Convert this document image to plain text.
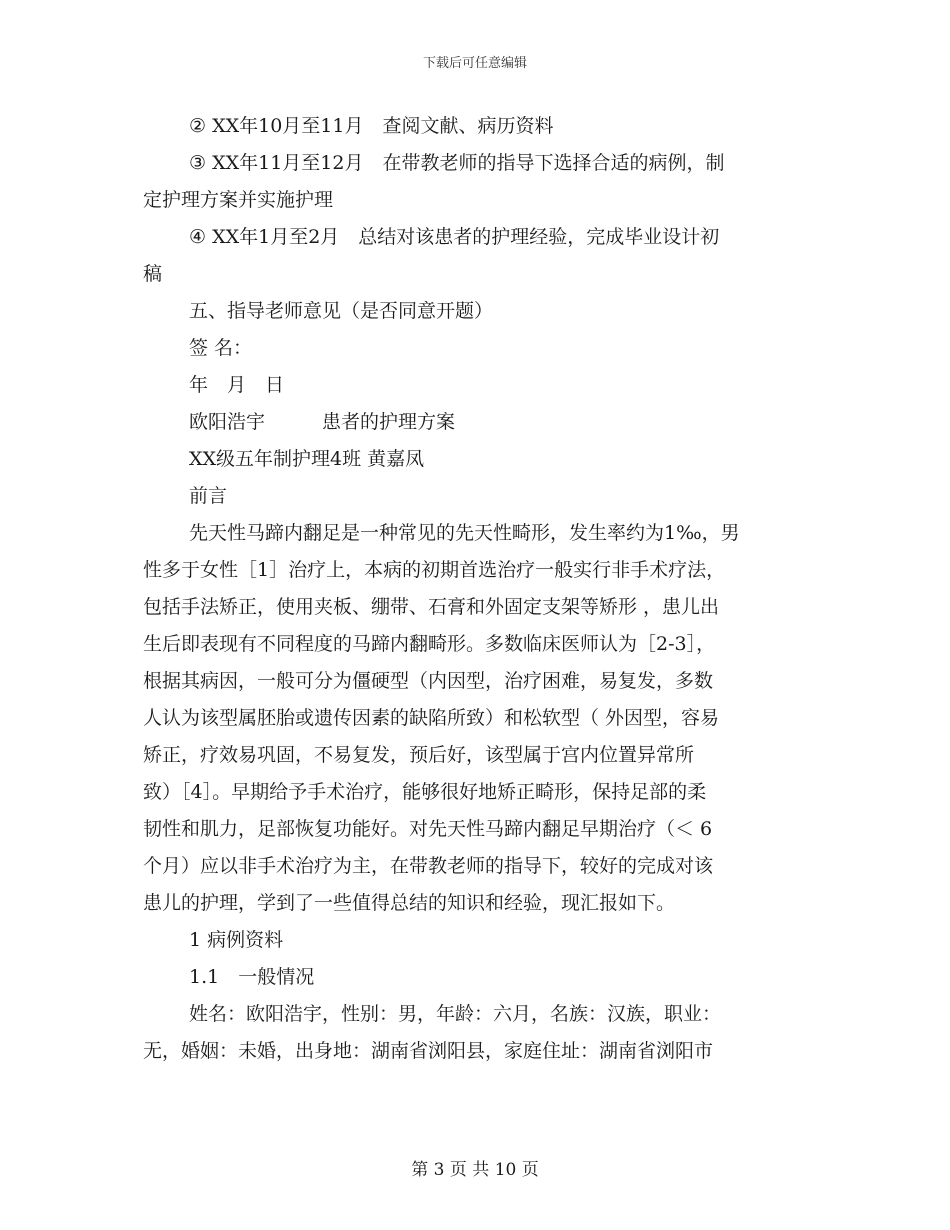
下载后可任意编辑

② XX年10月至11月　查阅文献、病历资料

③ XX年11月至12月　在带教老师的指导下选择合适的病例，制

定护理方案并实施护理

④ XX年1月至2月　总结对该患者的护理经验，完成毕业设计初

稿

五、指导老师意见（是否同意开题）

签 名：

年　月　日

欧阳浩宇　　　患者的护理方案

XX级五年制护理4班 黄嘉凤

前言

先天性马蹄内翻足是一种常见的先天性畸形，发生率约为1‰，男

性多于女性［1］治疗上，本病的初期首选治疗一般实行非手术疗法，

包括手法矫正，使用夹板、绷带、石膏和外固定支架等矫形 ，患儿出

生后即表现有不同程度的马蹄内翻畸形。多数临床医师认为［2-3］，

根据其病因，一般可分为僵硬型（内因型，治疗困难，易复发，多数

人认为该型属胚胎或遗传因素的缺陷所致）和松软型（ 外因型，容易

矫正，疗效易巩固，不易复发，预后好，该型属于宫内位置异常所

致）［4］。早期给予手术治疗，能够很好地矫正畸形，保持足部的柔

韧性和肌力，足部恢复功能好。对先天性马蹄内翻足早期治疗（＜ 6

个月）应以非手术治疗为主，在带教老师的指导下，较好的完成对该

患儿的护理，学到了一些值得总结的知识和经验，现汇报如下。

1 病例资料

1.1　一般情况

姓名：欧阳浩宇，性别：男，年龄：六月，名族：汉族，职业：

无，婚姻：未婚，出身地：湖南省浏阳县，家庭住址：湖南省浏阳市

第 3 页 共 10 页
